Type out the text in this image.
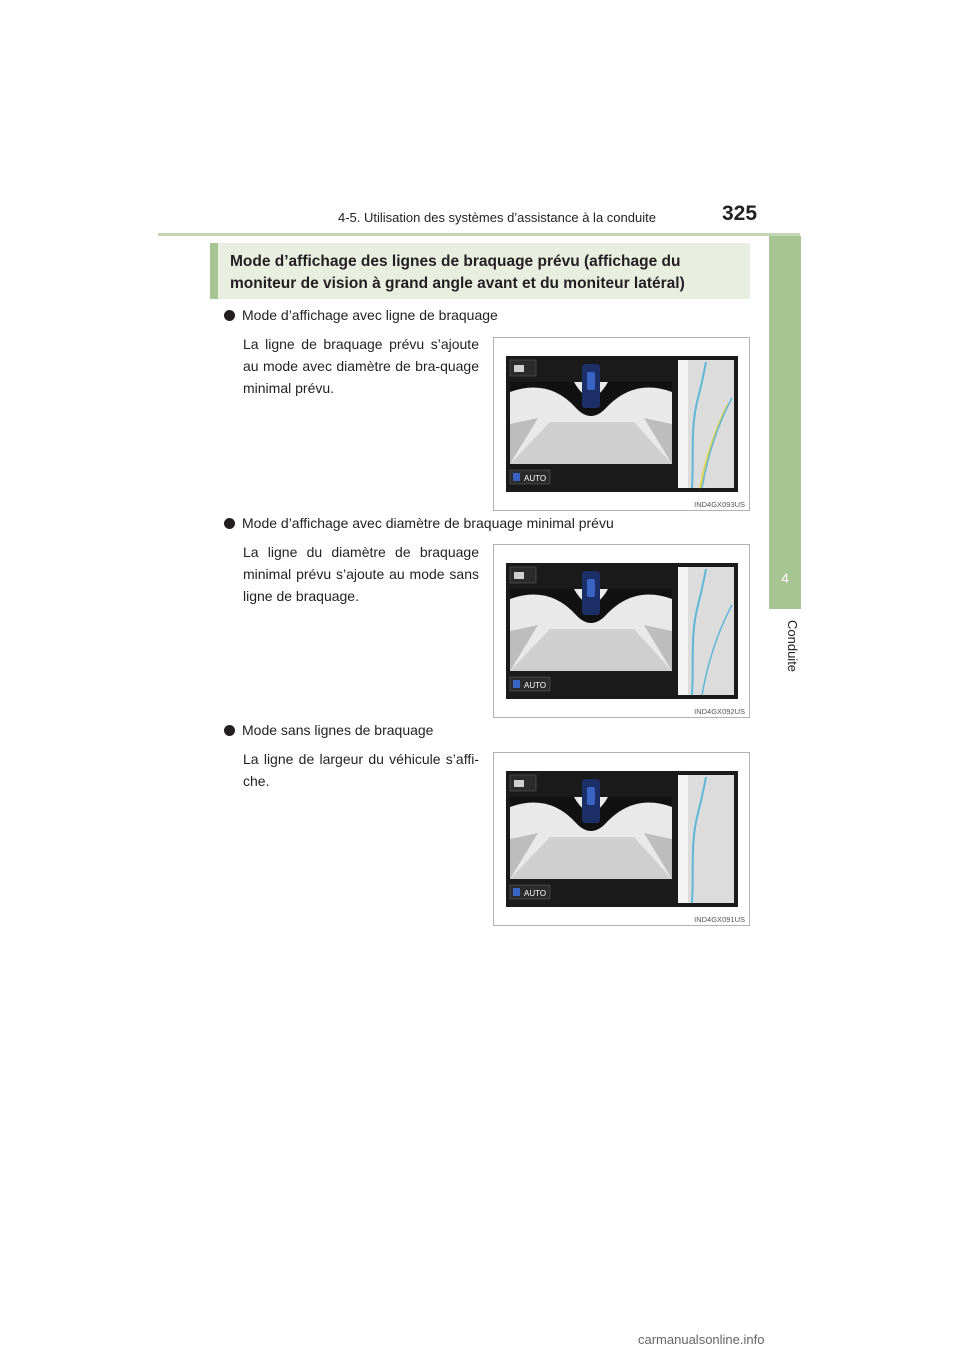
4-5. Utilisation des systèmes d’assistance à la conduite	325
4
Conduite
Mode d’affichage des lignes de braquage prévu (affichage du moniteur de vision à grand angle avant et du moniteur latéral)
Mode d’affichage avec ligne de braquage
La ligne de braquage prévu s’ajoute au mode avec diamètre de bra-quage minimal prévu.
AUTO
IND4GX093US
Mode d’affichage avec diamètre de braquage minimal prévu
La ligne du diamètre de braquage minimal prévu s’ajoute au mode sans ligne de braquage.
AUTO
IND4GX092US
Mode sans lignes de braquage
La ligne de largeur du véhicule s’affi-che.
AUTO
IND4GX091US
carmanualsonline.info
